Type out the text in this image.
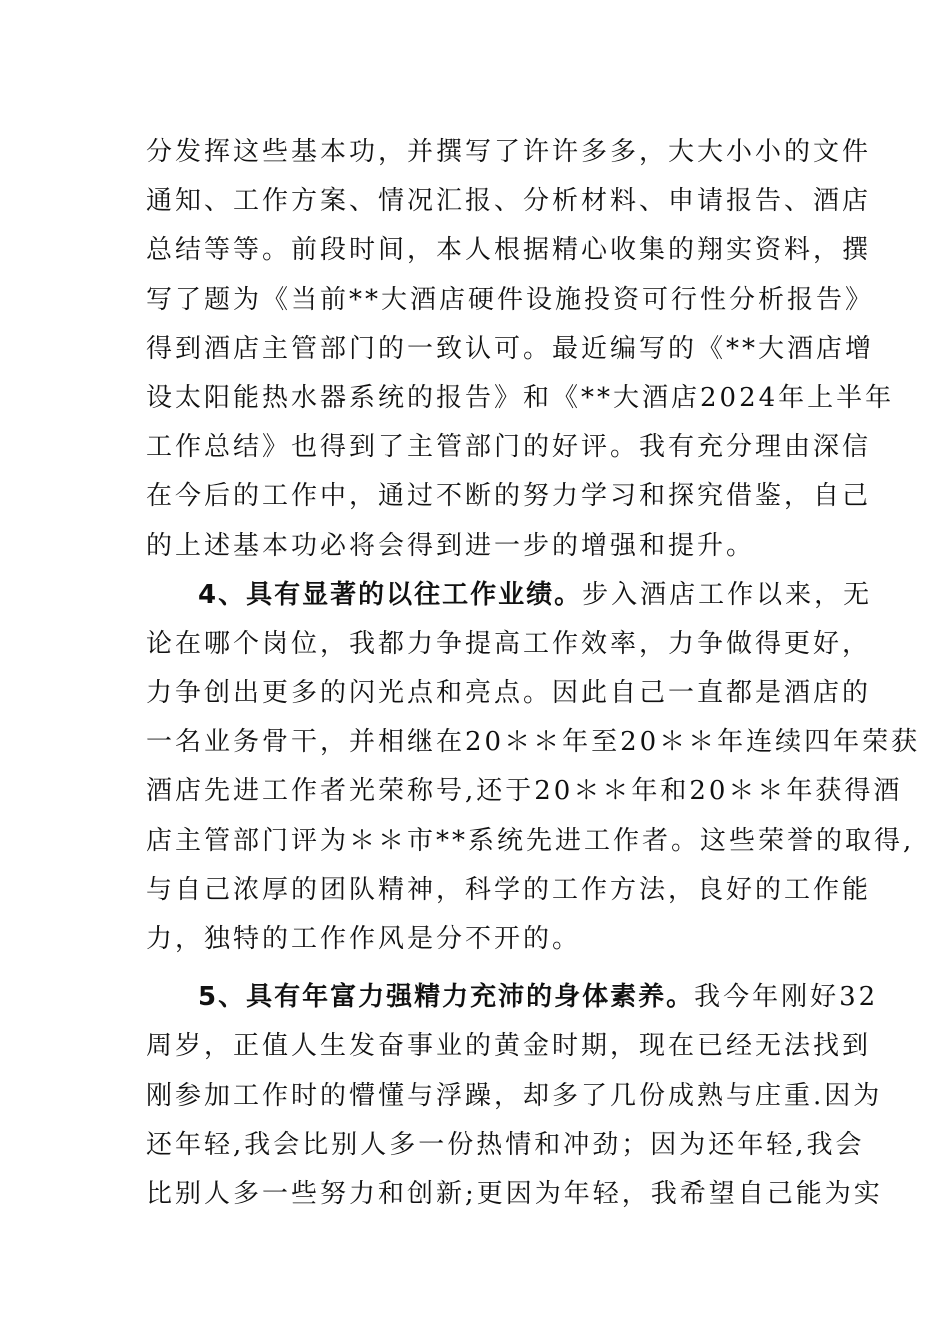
分发挥这些基本功，并撰写了许许多多，大大小小的文件
通知、工作方案、情况汇报、分析材料、申请报告、酒店
总结等等。前段时间，本人根据精心收集的翔实资料，撰
写了题为《当前**大酒店硬件设施投资可行性分析报告》
得到酒店主管部门的一致认可。最近编写的《**大酒店增
设太阳能热水器系统的报告》和《**大酒店2024年上半年
工作总结》也得到了主管部门的好评。我有充分理由深信
在今后的工作中，通过不断的努力学习和探究借鉴，自己
的上述基本功必将会得到进一步的增强和提升。
4、具有显著的以往工作业绩。步入酒店工作以来，无
论在哪个岗位，我都力争提高工作效率，力争做得更好，
力争创出更多的闪光点和亮点。因此自己一直都是酒店的
一名业务骨干，并相继在20＊＊年至20＊＊年连续四年荣获
酒店先进工作者光荣称号,还于20＊＊年和20＊＊年获得酒
店主管部门评为＊＊市**系统先进工作者。这些荣誉的取得,
与自己浓厚的团队精神，科学的工作方法，良好的工作能
力，独特的工作作风是分不开的。
5、具有年富力强精力充沛的身体素养。我今年刚好32
周岁，正值人生发奋事业的黄金时期，现在已经无法找到
刚参加工作时的懵懂与浮躁，却多了几份成熟与庄重.因为
还年轻,我会比别人多一份热情和冲劲；因为还年轻,我会
比别人多一些努力和创新;更因为年轻，我希望自己能为实
